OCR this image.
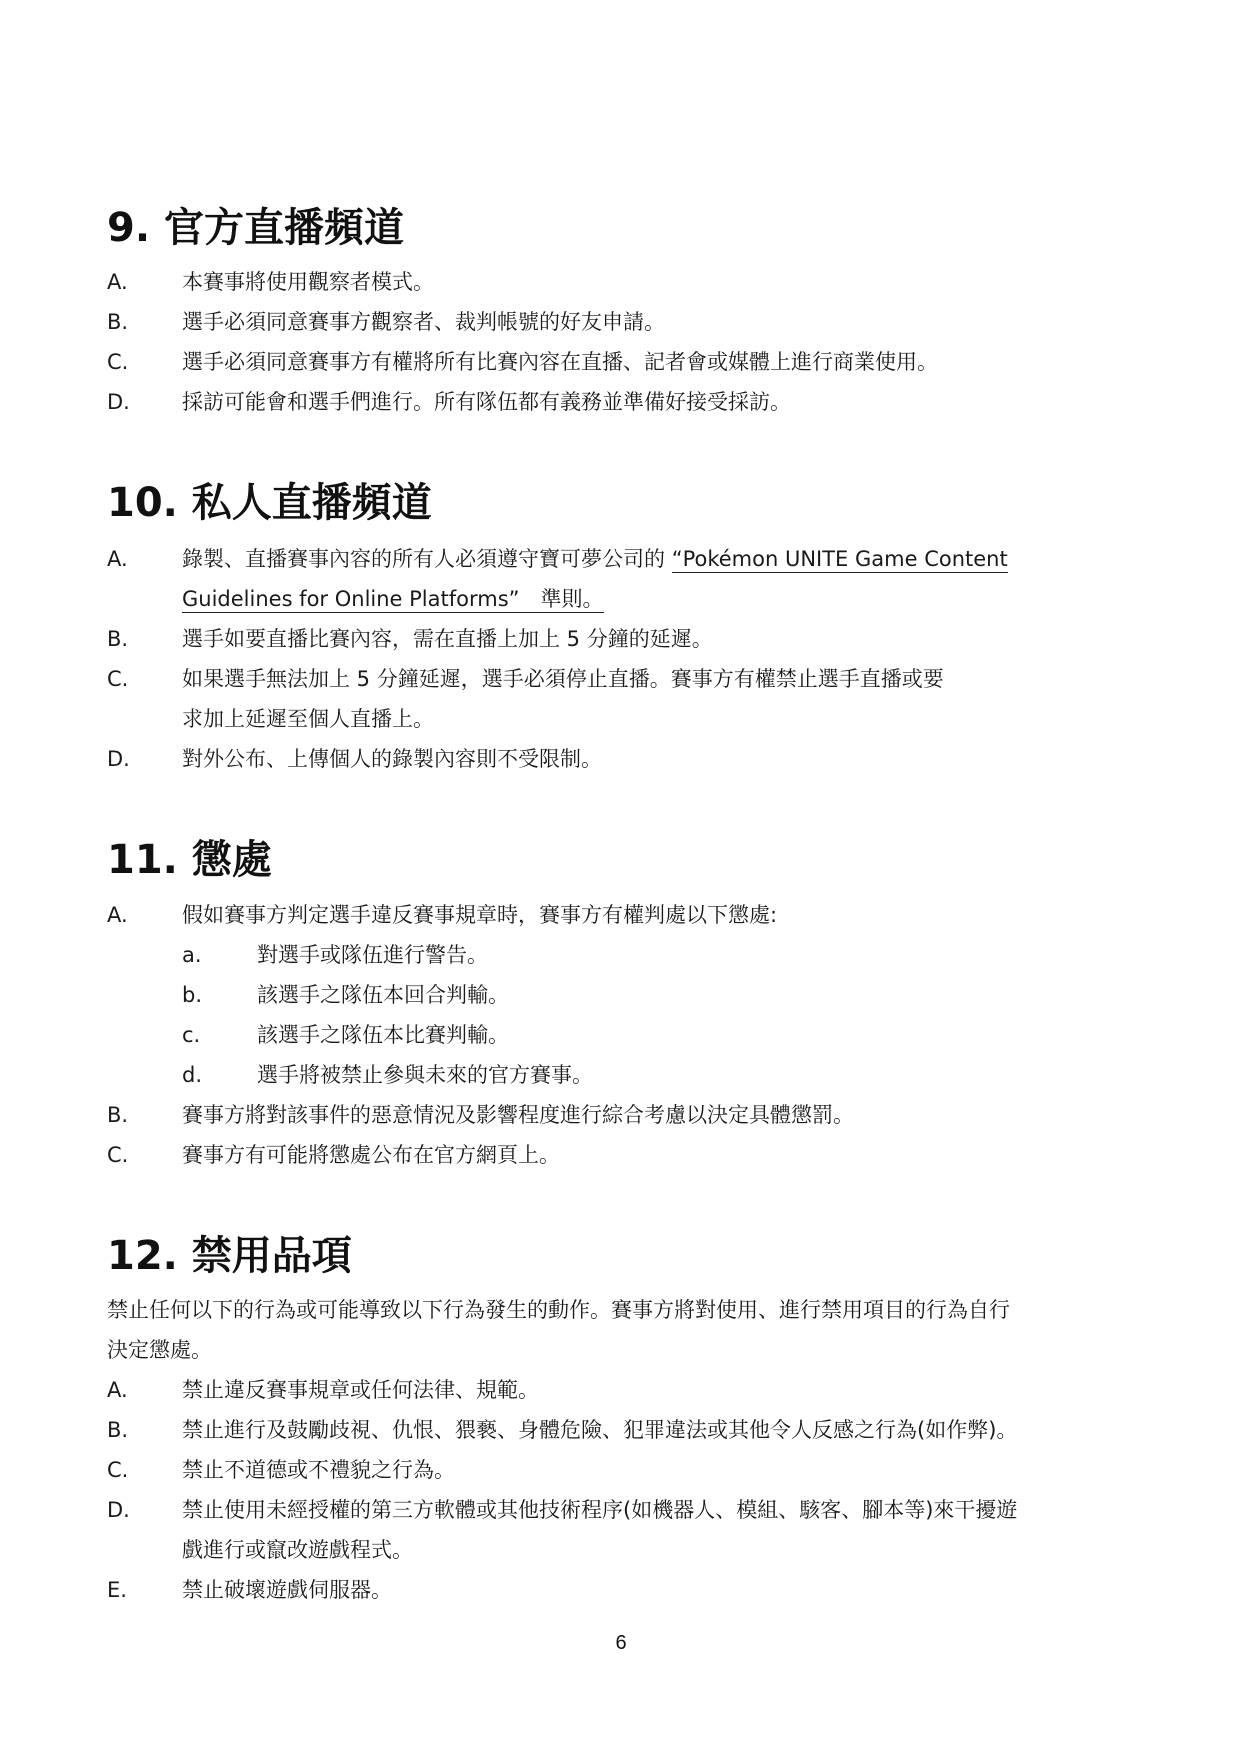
9. 官方直播頻道
A.	本賽事將使用觀察者模式。
B.	選手必須同意賽事方觀察者、裁判帳號的好友申請。
C.	選手必須同意賽事方有權將所有比賽內容在直播、記者會或媒體上進行商業使用。
D. 採訪可能會和選手們進行。所有隊伍都有義務並準備好接受採訪。
10. 私人直播頻道
A.	錄製、直播賽事內容的所有人必須遵守寶可夢公司的 “Pokémon UNITE Game Content
Guidelines for Online Platforms”　準則。
B.	選手如要直播比賽內容，需在直播上加上 5 分鐘的延遲。
C.	如果選手無法加上 5 分鐘延遲，選手必須停止直播。賽事方有權禁止選手直播或要
求加上延遲至個人直播上。
D. 對外公布、上傳個人的錄製內容則不受限制。
11. 懲處
A.	假如賽事方判定選手違反賽事規章時，賽事方有權判處以下懲處:
a.	對選手或隊伍進行警告。
b.	該選手之隊伍本回合判輸。
c.	該選手之隊伍本比賽判輸。
d.	選手將被禁止參與未來的官方賽事。
B.	賽事方將對該事件的惡意情況及影響程度進行綜合考慮以決定具體懲罰。
C.	賽事方有可能將懲處公布在官方網頁上。
12. 禁用品項
禁止任何以下的行為或可能導致以下行為發生的動作。賽事方將對使用、進行禁用項目的行為自行
決定懲處。
A.	禁止違反賽事規章或任何法律、規範。
B.	禁止進行及鼓勵歧視、仇恨、猥褻、身體危險、犯罪違法或其他令人反感之行為(如作弊)。
C.	禁止不道德或不禮貌之行為。
D. 禁止使用未經授權的第三方軟體或其他技術程序(如機器人、模組、駭客、腳本等)來干擾遊
戲進行或竄改遊戲程式。
E.	禁止破壞遊戲伺服器。
6
